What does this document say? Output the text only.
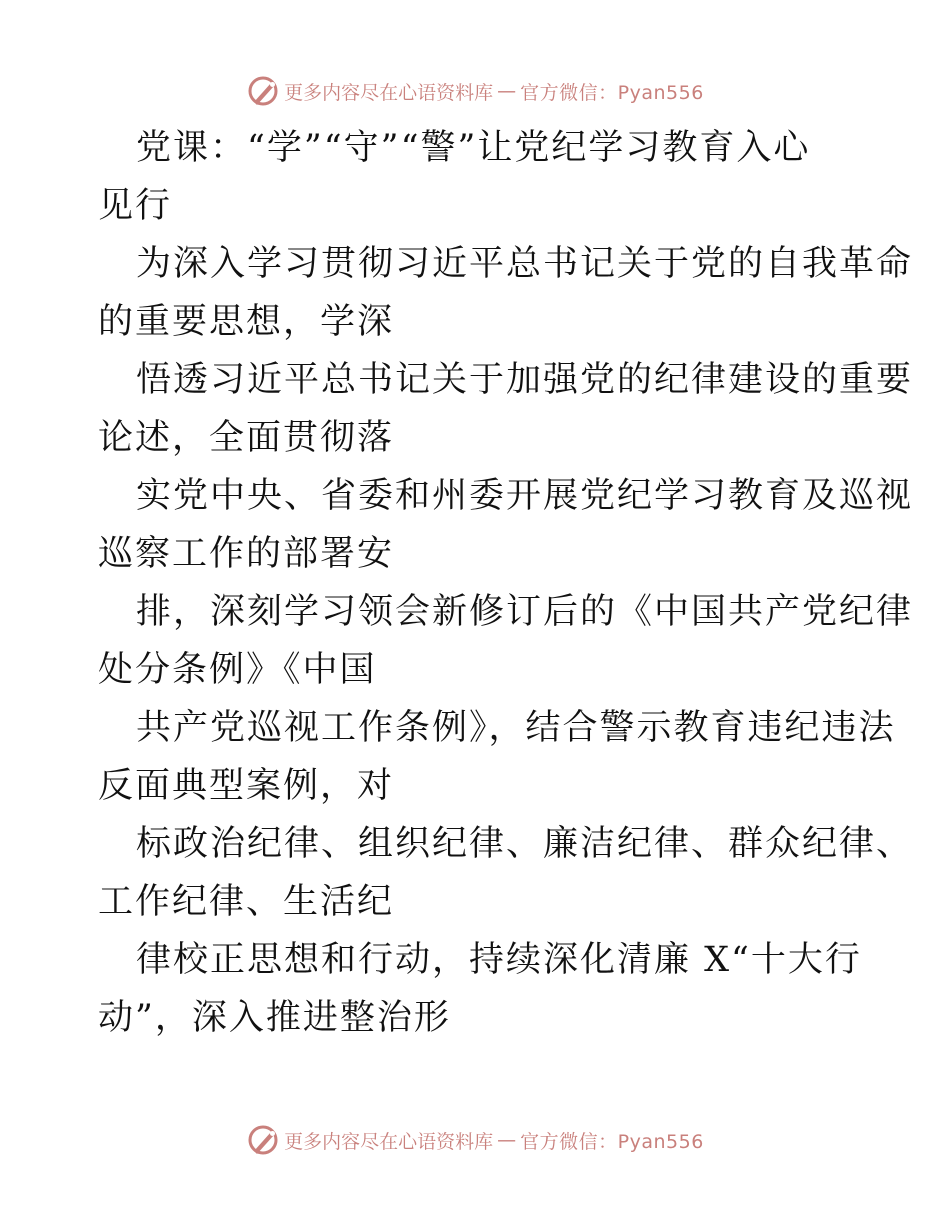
更多内容尽在心语资料库 — 官方微信：Pyan556
党课：“学”“守”“警”让党纪学习教育入心
见行
为深入学习贯彻习近平总书记关于党的自我革命
的重要思想，学深
悟透习近平总书记关于加强党的纪律建设的重要
论述，全面贯彻落
实党中央、省委和州委开展党纪学习教育及巡视
巡察工作的部署安
排，深刻学习领会新修订后的《中国共产党纪律
处分条例》《中国
共产党巡视工作条例》，结合警示教育违纪违法
反面典型案例，对
标政治纪律、组织纪律、廉洁纪律、群众纪律、
工作纪律、生活纪
律校正思想和行动，持续深化清廉 X“十大行
动”，深入推进整治形
更多内容尽在心语资料库 — 官方微信：Pyan556
